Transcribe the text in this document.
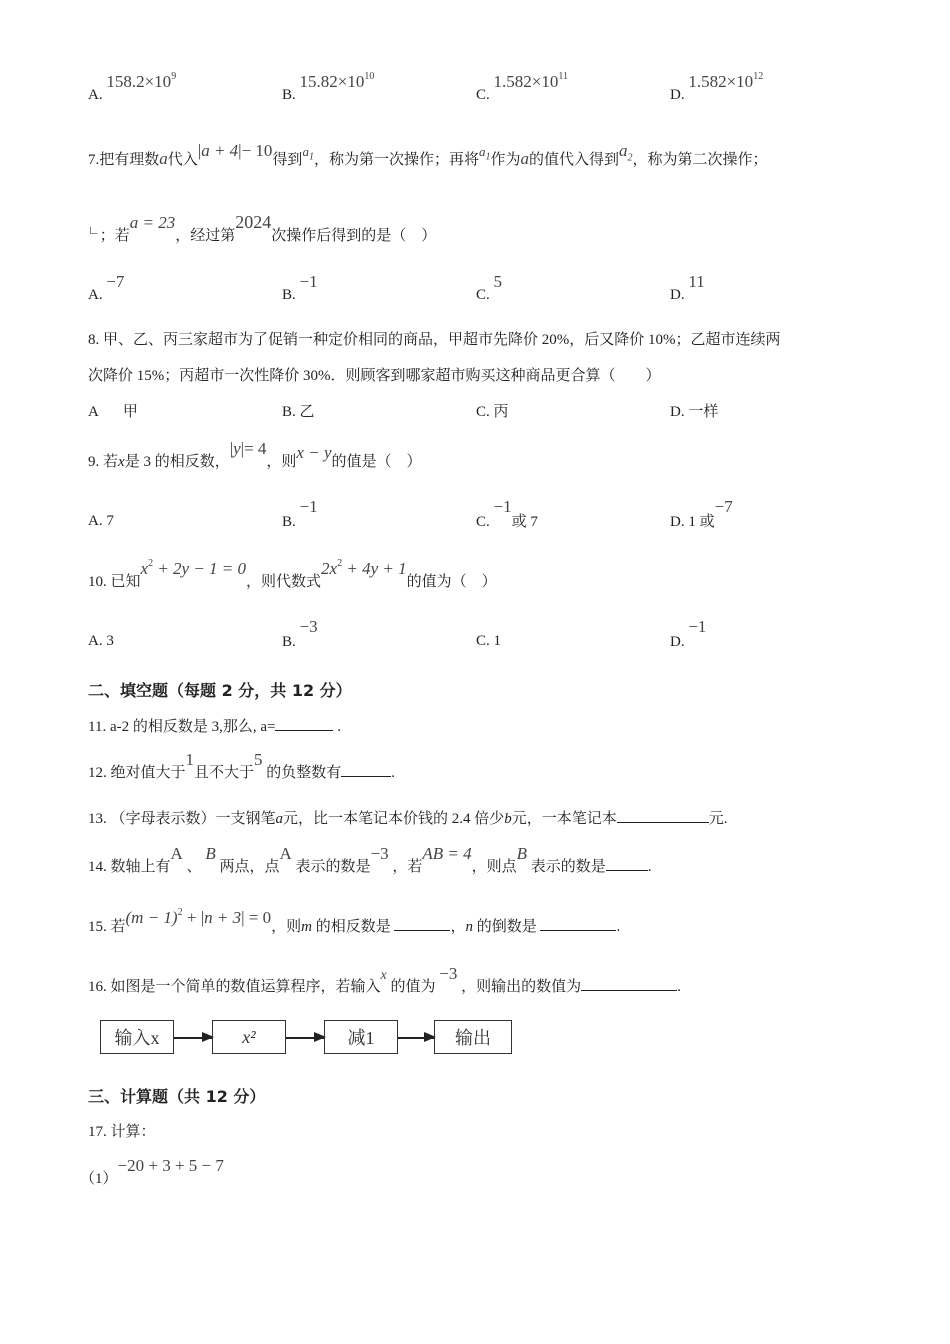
A. $158.2\times 10^9$
B. $15.82\times 10^{10}$
C. $1.582\times 10^{11}$
D. $1.582\times 10^{12}$
7.把有理数a代入|a + 4|− 10得到$a_1$，称为第一次操作；再将$a_1$作为a的值代入得到$a_2$，称为第二次操作；
∟；若a = 23，经过第2024次操作后得到的是（　）
A. −7
B. −1
C. 5
D. 11
8. 甲、乙、丙三家超市为了促销一种定价相同的商品，甲超市先降价 20%，后又降价 10%；乙超市连续两
次降价 15%；丙超市一次性降价 30%．则顾客到哪家超市购买这种商品更合算（　　）
A 甲	B. 乙	C. 丙	D. 一样
9. 若x是 3 的相反数，|y|= 4，则x − y的值是（　）
A. 7	B. −1
C. −1或 7	D. 1 或−7
10. 已知$x^2 + 2y - 1 = 0$，则代数式$2x^2 + 4y + 1$的值为（　）
A. 3	B. −3
C. 1	D. −1
二、填空题（每题 2 分，共 12 分）
11. a-2 的相反数是 3,那么, a=	.
12. 绝对值大于1且不大于5 的负整数有	.
13. （字母表示数）一支钢笔a元，比一本笔记本价钱的 2.4 倍少b元，一本笔记本	元.
14. 数轴上有A 、 B 两点，点A 表示的数是−3 ，若AB = 4，则点B 表示的数是	.
15. 若$(m - 1)^2 + |n + 3| = 0$，则m 的相反数是	，n 的倒数是	.
16. 如图是一个简单的数值运算程序，若输入x 的值为 −3 ，则输出的数值为	.
输入x	x²	减1	输出
三、计算题（共 12 分）
17. 计算：
（1）−20 + 3 + 5 − 7
